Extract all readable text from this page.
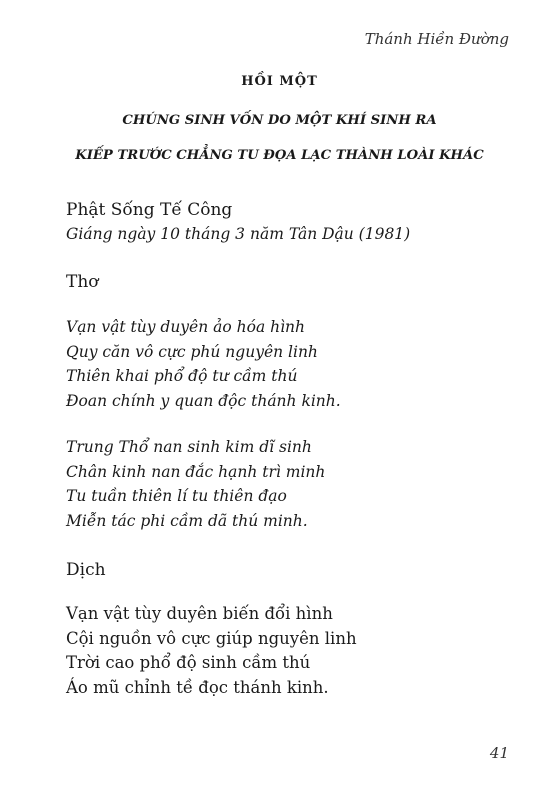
Thánh Hiền Đường
HỒI MỘT
CHÚNG SINH VỐN DO MỘT KHÍ SINH RA
KIẾP TRƯỚC CHẲNG TU ĐỌA LẠC THÀNH LOÀI KHÁC
Phật Sống Tế Công
Giáng ngày 10 tháng 3 năm Tân Dậu (1981)
Thơ
Vạn vật tùy duyên ảo hóa hình
Quy căn vô cực phú nguyên linh
Thiên khai phổ độ tư cầm thú
Đoan chính y quan độc thánh kinh.
Trung Thổ nan sinh kim dĩ sinh
Chân kinh nan đắc hạnh trì minh
Tu tuần thiên lí tu thiên đạo
Miễn tác phi cầm dã thú minh.
Dịch
Vạn vật tùy duyên biến đổi hình
Cội nguồn vô cực giúp nguyên linh
Trời cao phổ độ sinh cầm thú
Áo mũ chỉnh tề đọc thánh kinh.
41
